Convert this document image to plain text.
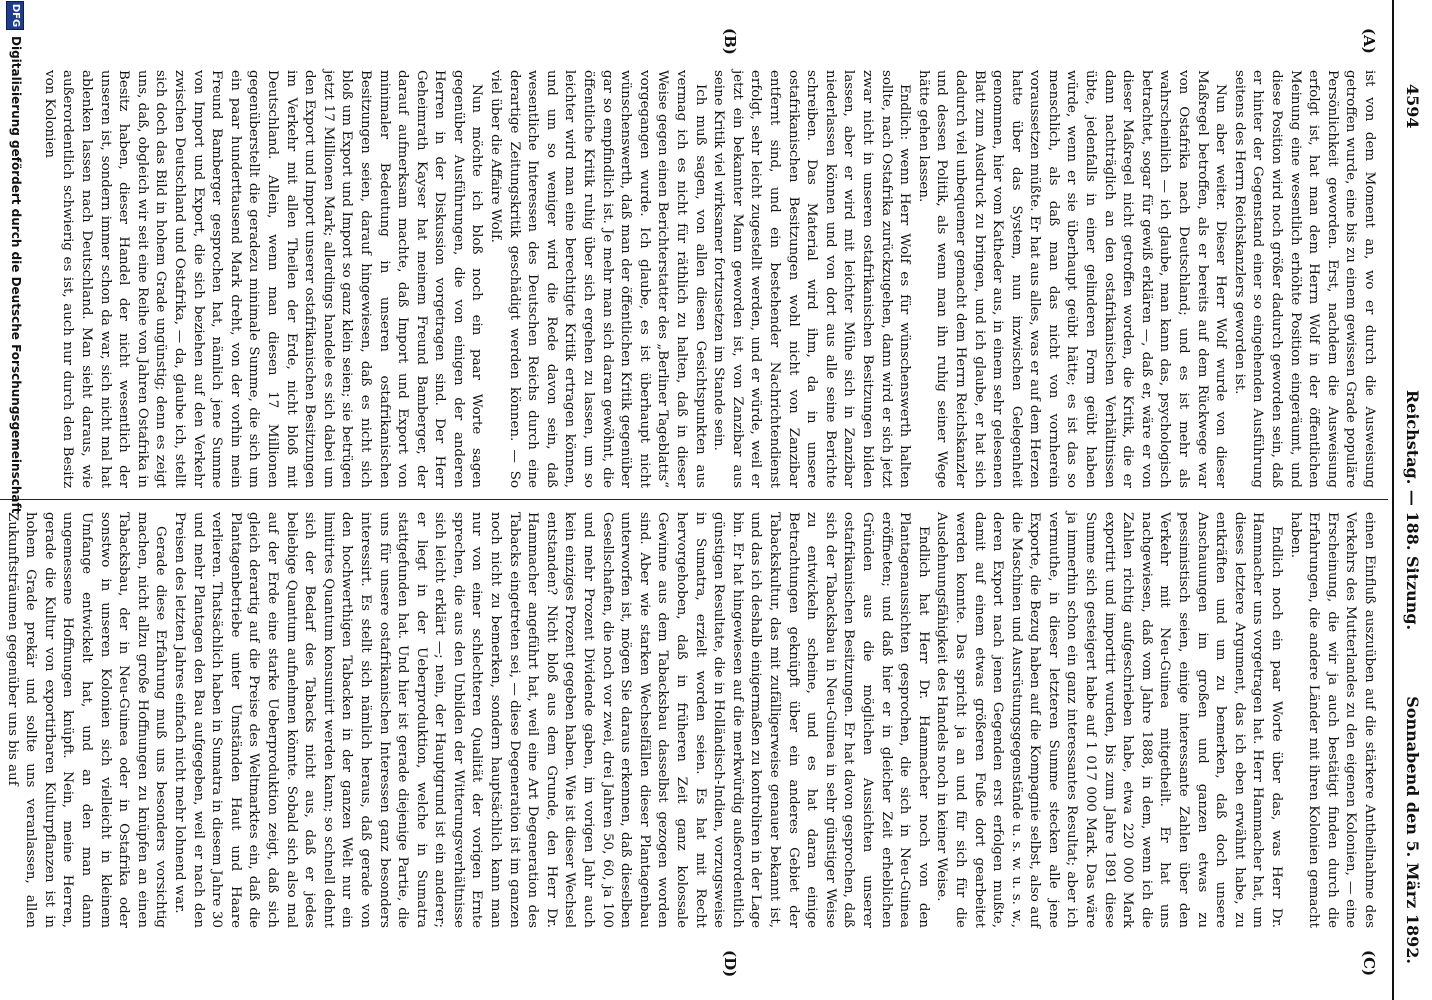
4594
Reichstag. — 188. Sitzung.
Sonnabend den 5. März 1892.
(A)
(B)
(C)
(D)

ist von dem Moment an, wo er durch die Ausweisung getroffen wurde, eine bis zu einem gewissen Grade populäre Persönlichkeit geworden. Erst, nachdem die Ausweisung erfolgt ist, hat man dem Herrn Wolf in der öffentlichen Meinung eine wesentlich erhöhte Position eingeräumt, und diese Position wird noch größer dadurch geworden sein, daß er hinter der Gegenstand einer so eingehenden Ausführung seitens des Herrn Reichskanzlers geworden ist.

Nun aber weiter. Dieser Herr Wolf wurde von dieser Maßregel betroffen, als er bereits auf dem Rückwege war von Ostafrika nach Deutschland; und es ist mehr als wahrscheinlich — ich glaube, man kann das, psychologisch betrachtet, sogar für gewiß erklären —, daß er, wäre er von dieser Maßregel nicht getroffen worden, die Kritik, die er dann nachträglich an den ostafrikanischen Verhältnissen übte, jedenfalls in einer gelinderen Form geübt haben würde, wenn er sie überhaupt geübt hätte; es ist das so menschlich, als daß man das nicht von vornherein voraussetzen müßte. Er hat aus alles, was er auf dem Herzen hatte über das System, nun inzwischen Gelegenheit genommen, hier vom Katheder aus, in einem sehr gelesenen Blatt zum Ausdruck zu bringen, und ich glaube, er hat sich dadurch viel unbequemer gemacht dem Herrn Reichskanzler und dessen Politik, als wenn man ihn ruhig seiner Wege hätte gehen lassen.

Endlich: wenn Herr Wolf es für wünschenswerth halten sollte, nach Ostafrika zurückzugehen, dann wird er sich jetzt zwar nicht in unseren ostafrikanischen Besitzungen bilden lassen, aber er wird mit leichter Mühe sich in Zanzibar niederlassen können und von dort aus alle seine Berichte schreiben. Das Material wird ihm, da in unsere ostafrikanischen Besitzungen wohl nicht von Zanzibar entfernt sind, und ein bestehender Nachrichtendienst erfolgt, sehr leicht zugestellt werden, und er würde, weil er jetzt ein bekannter Mann geworden ist, von Zanzibar aus seine Kritik viel wirksamer fortzusetzen im Stande sein.

Ich muß sagen, von allen diesen Gesichtspunkten aus vermag ich es nicht für räthlich zu halten, daß in dieser Weise gegen einen Berichterstatter des „Berliner Tageblatts“ vorgegangen wurde. Ich glaube, es ist überhaupt nicht wünschenswerth, daß man der öffentlichen Kritik gegenüber gar so empfindlich ist. Je mehr man sich daran gewöhnt, die öffentliche Kritik ruhig über sich ergehen zu lassen, um so leichter wird man eine berechtigte Kritik ertragen können, und um so weniger wird die Rede davon sein, daß wesentliche Interessen des Deutschen Reichs durch eine derartige Zeitungskritik geschädigt werden können. — So viel über die Affaire Wolf.

Nun möchte ich bloß noch ein paar Worte sagen gegenüber Ausführungen, die von einigen der anderen Herren in der Diskussion vorgetragen sind. Der Herr Geheimrath Kayser hat meinem Freund Bamberger, der darauf aufmerksam machte, daß Import und Export von minimaler Bedeutung in unseren ostafrikanischen Besitzungen seien, darauf hingewiesen, daß es nicht sich bloß um Export und Import so ganz klein seien; sie betrügen jetzt 17 Millionen Mark; allerdings handele es sich dabei um den Export und Import unserer ostafrikanischen Besitzungen im Verkehr mit allen Theilen der Erde, nicht bloß mit Deutschland. Allein, wenn man diesen 17 Millionen gegenüberstellt die geradezu minimale Summe, die sich um ein paar hunderttausend Mark dreht, von der vorhin mein Freund Bamberger gesprochen hat, nämlich jene Summe von Import und Export, die sich beziehen auf den Verkehr zwischen Deutschland und Ostafrika, — da, glaube ich, stellt sich doch das Bild in hohem Grade ungünstig; denn es zeigt uns, daß, obgleich wir seit eine Reihe von Jahren Ostafrika in Besitz haben, dieser Handel der nicht wesentlich der unseren ist, sondern immer schon da war, sich nicht mal hat ablenken lassen nach Deutschland. Man sieht daraus, wie außerordentlich schwierig es ist, auch nur durch den Besitz von Kolonien

einen Einfluß auszuüben auf die stärkere Antheilnahme des Verkehrs des Mutterlandes zu den eigenen Kolonien, — eine Erscheinung, die wir ja auch bestätigt finden durch die Erfahrungen, die andere Länder mit ihren Kolonien gemacht haben.

Endlich noch ein paar Worte über das, was Herr Dr. Hammacher uns vorgetragen hat. Herr Hammacher hat, um dieses letztere Argument, das ich eben erwähnt habe, zu entkräften und um zu bemerken, daß doch unsere Anschauungen im großen und ganzen etwas zu pessimistisch seien, einige interessante Zahlen über den Verkehr mit Neu-Guinea mitgetheilt. Er hat uns nachgewiesen, daß vom Jahre 1888, in dem, wenn ich die Zahlen richtig aufgeschrieben habe, etwa 220 000 Mark exportirt und importirt wurden, bis zum Jahre 1891 diese Summe sich gesteigert habe auf 1 017 000 Mark. Das wäre ja immerhin schon ein ganz interessantes Resultat; aber ich vermuthe, in dieser letzteren Summe stecken alle jene Exporte, die Bezug haben auf die Kompagnie selbst, also auf die Maschinen und Ausrüstungsgegenstände u. s. w. u. s. w., deren Export nach jenen Gegenden erst erfolgen mußte, damit auf einem etwas größeren Fuße dort gearbeitet werden konnte. Das spricht ja an und für sich für die Ausdehnungsfähigkeit des Handels noch in keiner Weise.

Endlich hat Herr Dr. Hammacher noch von den Plantagenaussichten gesprochen, die sich in Neu-Guinea eröffneten; und daß hier er in gleicher Zeit erheblichen Gründen aus die möglichen Aussichten unserer ostafrikanischen Besitzungen. Er hat davon gesprochen, daß sich der Tabacksbau in Neu-Guinea in sehr günstiger Weise zu entwickeln scheine, und es hat daran einige Betrachtungen geknüpft über ein anderes Gebiet der Tabackskultur, das mit zufälligerweise genauer bekannt ist, und das ich deshalb einigermaßen zu kontroliren in der Lage bin. Er hat hingewiesen auf die merkwürdig außerordentlich günstigen Resultate, die in Holländisch-Indien, vorzugsweise in Sumatra, erzielt worden seien. Es hat mit Recht hervorgehoben, daß in früheren Zeit ganz kolossale Gewinne aus dem Tabacksbau dasselbst gezogen worden sind. Aber wie starken Wechselfällen dieser Plantagenbau unterworfen ist, mögen Sie daraus erkennen, daß dieselben Gesellschaften, die noch vor zwei, drei Jahren 50, 60, ja 100 und mehr Prozent Dividende gaben, im vorigen Jahr auch kein einziges Prozent gegeben haben. Wie ist dieser Wechsel entstanden? Nicht bloß aus dem Grunde, den Herr Dr. Hammacher angeführt hat, weil eine Art Degeneration des Tabacks eingetreten sei, — diese Degeneration ist im ganzen noch nicht zu bemerken, sondern hauptsächlich kann man nur von einer schlechteren Qualität der vorigen Ernte sprechen, die aus den Unbilden der Witterungsverhältnisse sich leicht erklärt —; nein, der Hauptgrund ist ein anderer; er liegt in der Ueberproduktion, welche in Sumatra stattgefunden hat. Und hier ist gerade diejenige Partie, die uns für unsere ostafrikanischen Interessen ganz besonders interessirt. Es stellt sich nämlich heraus, daß gerade von den hochwerthigen Tabacken in der ganzen Welt nur ein limitirtes Quantum konsumirt werden kann; so schnell dehnt sich der Bedarf des Tabacks nicht aus, daß er jedes beliebige Quantum aufnehmen könnte. Sobald sich also mal auf der Erde eine starke Ueberproduktion zeigt, daß sich gleich derartig auf die Preise des Weltmarktes ein, daß die Plantagenbetriebe unter Umständen Haut und Haare verlieren. Thatsächlich haben in Sumatra in diesem Jahre 30 und mehr Plantagen den Bau aufgegeben, weil er nach den Preisen des letzten Jahres einfach nicht mehr lohnend war.

Gerade diese Erfahrung muß uns besonders vorsichtig machen, nicht allzu große Hoffnungen zu knüpfen an einen Tabacksbau, der in Neu-Guinea oder in Ostafrika oder sonstwo in unseren Kolonien sich vielleicht in kleinem Umfange entwickelt hat, und an den man dann ungemessene Hoffnungen knüpft. Nein, meine Herren, gerade die Kultur von exportirbaren Kulturpflanzen ist in hohem Grade prekär und sollte uns veranlassen, allen Zukunftsträumen gegenüber uns bis auf

DFG
Digitalisierung gefördert durch die Deutsche Forschungsgemeinschaft
